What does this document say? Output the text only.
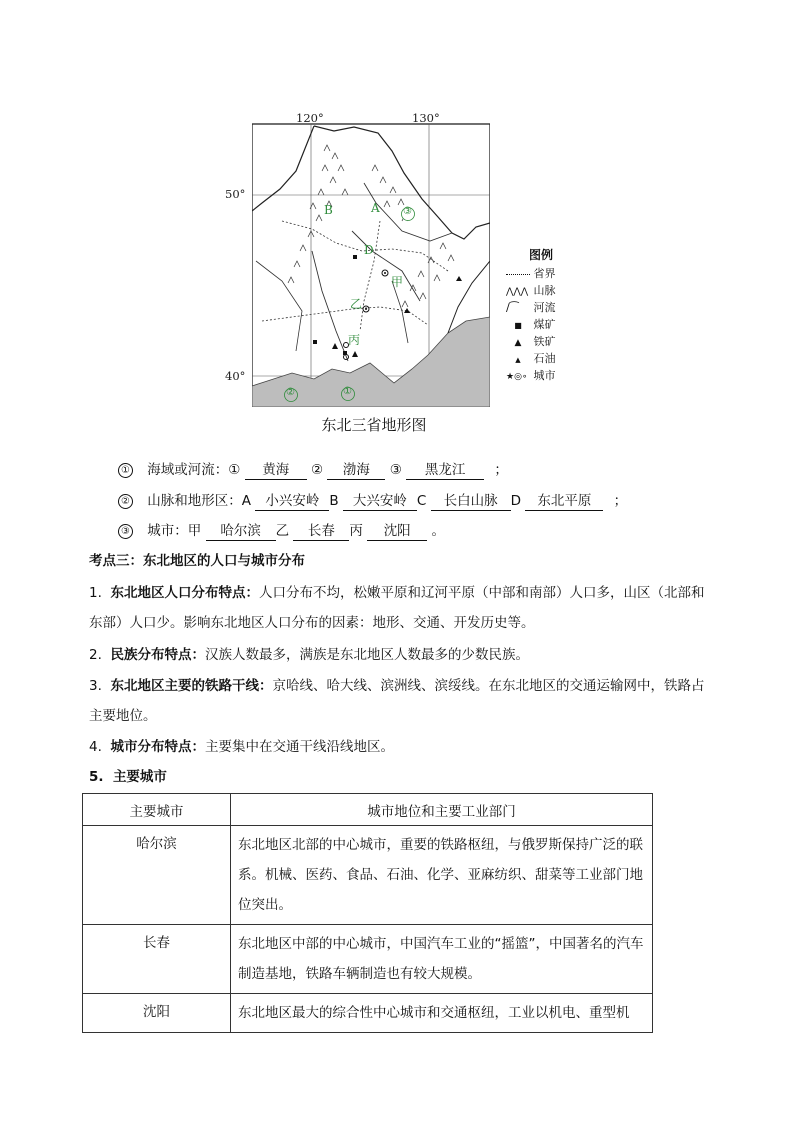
120°	130°
50°
40°
A
B
D
甲
乙
丙
③
②	①
图例
省界
⋀⋀⋀ 山脉
∕⁀ 河流
■ 煤矿
▲ 铁矿
▲ 石油
★◎∘ 城市
东北三省地形图
① 海域或河流：① 黄海 ② 渤海 ③ 黑龙江 ；
② 山脉和地形区：A 小兴安岭 B 大兴安岭 C 长白山脉 D 东北平原 ；
③ 城市：甲 哈尔滨 乙 长春 丙 沈阳 。
考点三：东北地区的人口与城市分布
1. 东北地区人口分布特点：人口分布不均，松嫩平原和辽河平原（中部和南部）人口多，山区（北部和东部）人口少。影响东北地区人口分布的因素：地形、交通、开发历史等。
2. 民族分布特点：汉族人数最多，满族是东北地区人数最多的少数民族。
3. 东北地区主要的铁路干线：京哈线、哈大线、滨洲线、滨绥线。在东北地区的交通运输网中，铁路占主要地位。
4. 城市分布特点：主要集中在交通干线沿线地区。
5. 主要城市
主要城市	城市地位和主要工业部门
哈尔滨	东北地区北部的中心城市，重要的铁路枢纽，与俄罗斯保持广泛的联系。机械、医药、食品、石油、化学、亚麻纺织、甜菜等工业部门地位突出。
长春	东北地区中部的中心城市，中国汽车工业的“摇篮”，中国著名的汽车制造基地，铁路车辆制造也有较大规模。
沈阳	东北地区最大的综合性中心城市和交通枢纽，工业以机电、重型机
